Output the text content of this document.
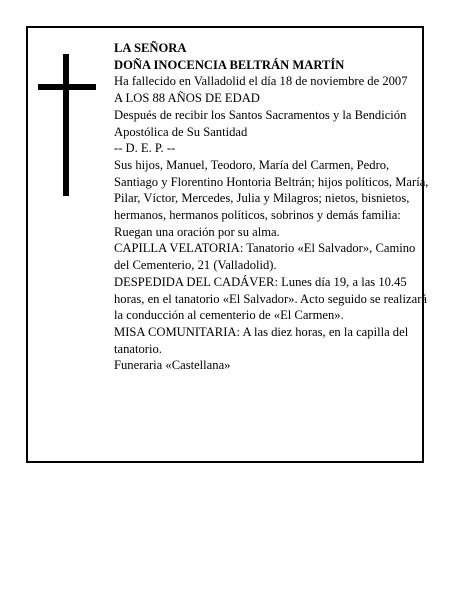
LA SEÑORA

DOÑA INOCENCIA BELTRÁN MARTÍN

Ha fallecido en Valladolid el día 18 de noviembre de 2007

A LOS 88 AÑOS DE EDAD

Después de recibir los Santos Sacramentos y la Bendición Apostólica de Su Santidad

-- D. E. P. --

Sus hijos, Manuel, Teodoro, María del Carmen, Pedro, Santiago y Florentino Hontoria Beltrán; hijos políticos, María, Pilar, Víctor, Mercedes, Julia y Milagros; nietos, bisnietos, hermanos, hermanos políticos, sobrinos y demás familia:

Ruegan una oración por su alma.

CAPILLA VELATORIA: Tanatorio «El Salvador», Camino del Cementerio, 21 (Valladolid).

DESPEDIDA DEL CADÁVER: Lunes día 19, a las 10.45 horas, en el tanatorio «El Salvador». Acto seguido se realizará la conducción al cementerio de «El Carmen».

MISA COMUNITARIA: A las diez horas, en la capilla del tanatorio.

Funeraria «Castellana»
